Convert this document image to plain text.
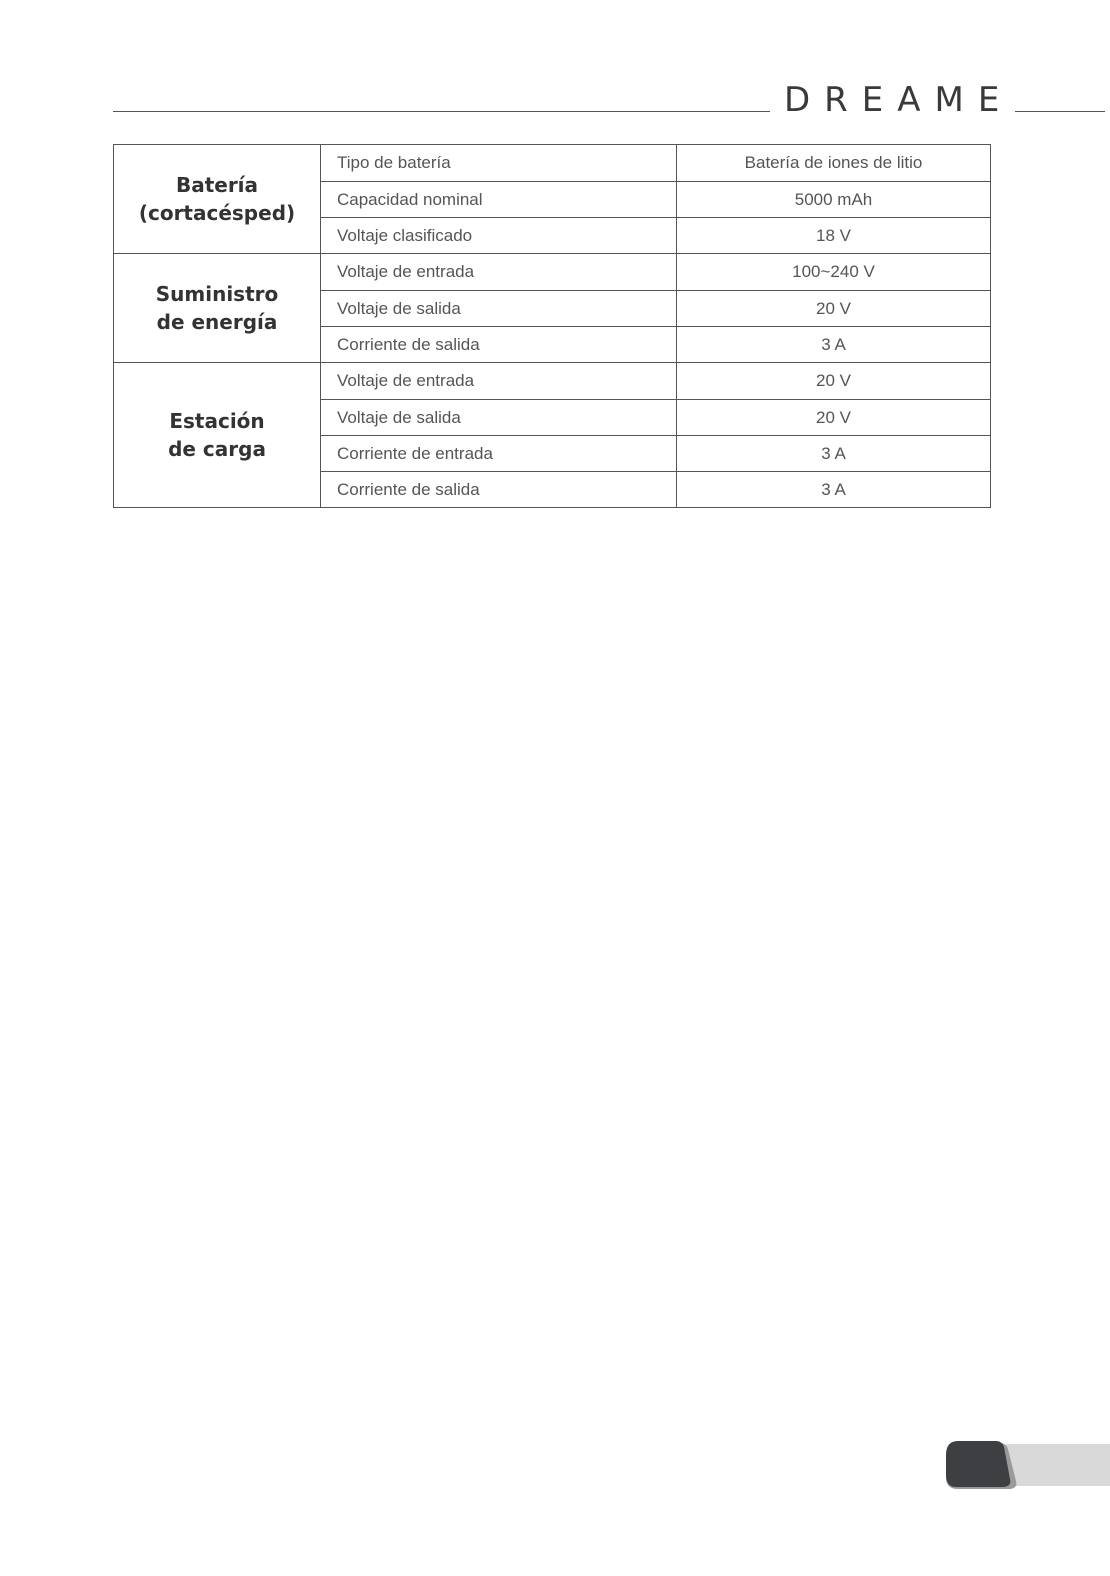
DREAME
Batería
(cortacésped)	Tipo de batería	Batería de iones de litio
	Capacidad nominal	5000 mAh
	Voltaje clasificado	18 V

Suministro
de energía	Voltaje de entrada	100~240 V
	Voltaje de salida	20 V
	Corriente de salida	3 A

Estación
de carga	Voltaje de entrada	20 V
	Voltaje de salida	20 V
	Corriente de entrada	3 A
	Corriente de salida	3 A
